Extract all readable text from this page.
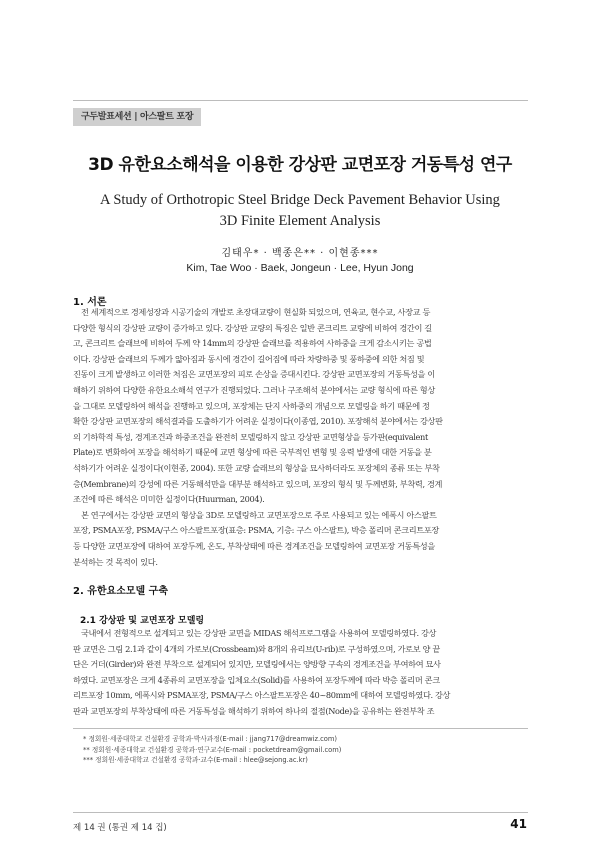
구두발표세션 | 아스팔트 포장
3D 유한요소해석을 이용한 강상판 교면포장 거동특성 연구
A Study of Orthotropic Steel Bridge Deck Pavement Behavior Using
3D Finite Element Analysis
김태우* · 백종은** · 이현종***
Kim, Tae Woo · Baek, Jongeun · Lee, Hyun Jong
1. 서론
전 세계적으로 경제성장과 시공기술의 개발로 초장대교량이 현실화 되었으며, 연육교, 현수교, 사장교 등
다양한 형식의 강상판 교량이 증가하고 있다. 강상판 교량의 특징은 일반 콘크리트 교량에 비하여 경간이 길
고, 콘크리트 슬래브에 비하여 두께 약 14mm의 강상판 슬래브를 적용하여 사하중을 크게 감소시키는 공법
이다. 강상판 슬래브의 두께가 얇아짐과 동시에 경간이 길어짐에 따라 차량하중 및 풍하중에 의한 처짐 및
진동이 크게 발생하고 이러한 처짐은 교면포장의 피로 손상을 증대시킨다. 강상판 교면포장의 거동특성을 이
해하기 위하여 다양한 유한요소해석 연구가 진행되었다. 그러나 구조해석 분야에서는 교량 형식에 따른 형상
을 그대로 모델링하여 해석을 진행하고 있으며, 포장체는 단지 사하중의 개념으로 모델링을 하기 때문에 정
확한 강상판 교면포장의 해석결과를 도출하기가 어려운 실정이다(이종엽, 2010). 포장해석 분야에서는 강상판
의 기하학적 특성, 경계조건과 하중조건을 완전히 모델링하지 않고 강상판 교면형상을 등가판(equivalent
Plate)로 변화하여 포장을 해석하기 때문에 교면 형상에 따른 국부적인 변형 및 응력 발생에 대한 거동을 분
석하기가 어려운 실정이다(이현종, 2004). 또한 교량 슬래브의 형상을 묘사하더라도 포장체의 종류 또는 부착
층(Membrane)의 강성에 따른 거동해석만을 대부분 해석하고 있으며, 포장의 형식 및 두께변화, 부착력, 경계
조건에 따른 해석은 미미한 실정이다(Huurman, 2004).
본 연구에서는 강상판 교면의 형상을 3D로 모델링하고 교면포장으로 주로 사용되고 있는 에폭시 아스팔트
포장, PSMA포장, PSMA/구스 아스팔트포장(표층: PSMA, 기층: 구스 아스팔트), 박층 폴리머 콘크리트포장
등 다양한 교면포장에 대하여 포장두께, 온도, 부착상태에 따른 경계조건을 모델링하여 교면포장 거동특성을
분석하는 것 목적이 있다.
2. 유한요소모델 구축
2.1 강상판 및 교면포장 모델링
국내에서 전형적으로 설계되고 있는 강상판 교면을 MIDAS 해석프로그램을 사용하여 모델링하였다. 강상
판 교면은 그림 2.1과 같이 4개의 가로보(Crossbeam)와 8개의 유리브(U-rib)로 구성하였으며, 가로보 양 끝
단은 거더(Girder)와 완전 부착으로 설계되어 있지만, 모델링에서는 양방향 구속의 경계조건을 부여하여 묘사
하였다. 교면포장은 크게 4종류의 교면포장을 입체요소(Solid)를 사용하여 포장두께에 따라 박층 폴리머 콘크
리트포장 10mm, 에폭시와 PSMA포장, PSMA/구스 아스팔트포장은 40~80mm에 대하여 모델링하였다. 강상
판과 교면포장의 부착상태에 따른 거동특성을 해석하기 위하여 하나의 절점(Node)을 공유하는 완전부착 조
* 정회원·세종대학교 건설환경 공학과·박사과정(E-mail : jjang717@dreamwiz.com)
** 정회원·세종대학교 건설환경 공학과·연구교수(E-mail : pocketdream@gmail.com)
*** 정회원·세종대학교 건설환경 공학과·교수(E-mail : hlee@sejong.ac.kr)
제 14 권 (통권 제 14 집)	41
